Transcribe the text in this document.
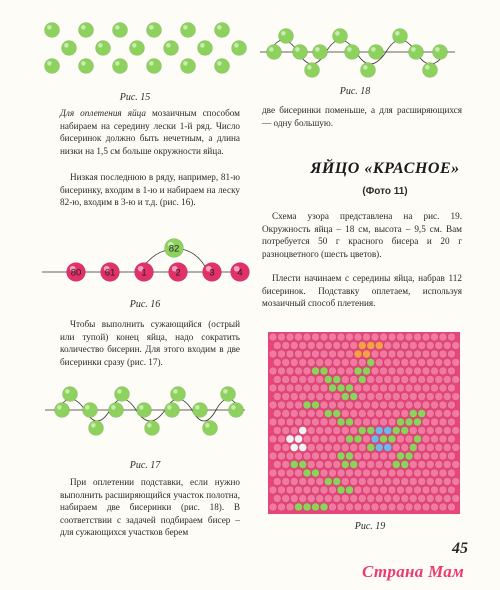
Рис. 15

Для оплетения яйца мозаичным способом набираем на середину лески 1-й ряд. Число бисеринок должно быть нечетным, а длина низки на 1,5 см больше окружности яйца.

Низкая последнюю в ряду, например, 81-ю бисеринку, входим в 1-ю и набираем на леску 82-ю, входим в 3-ю и т.д. (рис. 16).

80 61	1	2	3 4
82
Рис. 16

Чтобы выполнить сужающийся (острый или тупой) конец яйца, надо сократить количество бисерин. Для этого входим в две бисеринки сразу (рис. 17).

Рис. 17

При оплетении подставки, если нужно выполнить расширяющийся участок полотна, набираем две бисеринки (рис. 18). В соответствии с задачей подбираем бисер – для сужающихся участков берем

Рис. 18

две бисеринки поменьше, а для расширяющихся — одну большую.

ЯЙЦО «КРАСНОЕ»
(Фото 11)

Схема узора представлена на рис. 19. Окружность яйца – 18 см, высота – 9,5 см. Вам потребуется 50 г красного бисера и 20 г разноцветного (шесть цветов).

Плести начинаем с середины яйца, набрав 112 бисеринок. Подставку оплетаем, используя мозаичный способ плетения.

Рис. 19
45
Страна Мам
